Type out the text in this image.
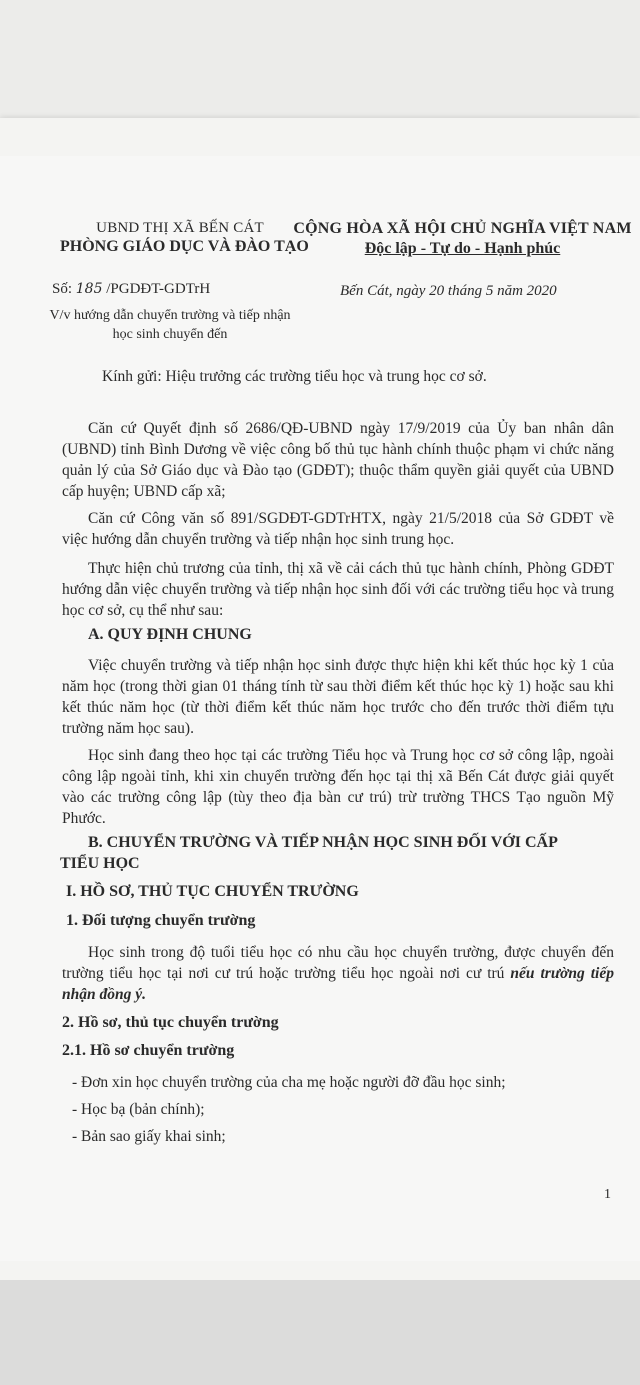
UBND THỊ XÃ BẾN CÁT
PHÒNG GIÁO DỤC VÀ ĐÀO TẠO
CỘNG HÒA XÃ HỘI CHỦ NGHĨA VIỆT NAM
Độc lập - Tự do - Hạnh phúc
Số: 185 /PGDĐT-GDTrH	Bến Cát, ngày 20 tháng 5 năm 2020
V/v hướng dẫn chuyển trường và tiếp nhận học sinh chuyển đến
Kính gửi: Hiệu trưởng các trường tiểu học và trung học cơ sở.
Căn cứ Quyết định số 2686/QĐ-UBND ngày 17/9/2019 của Ủy ban nhân dân (UBND) tỉnh Bình Dương về việc công bố thủ tục hành chính thuộc phạm vi chức năng quản lý của Sở Giáo dục và Đào tạo (GDĐT); thuộc thẩm quyền giải quyết của UBND cấp huyện; UBND cấp xã;
Căn cứ Công văn số 891/SGDĐT-GDTrHTX, ngày 21/5/2018 của Sở GDĐT về việc hướng dẫn chuyển trường và tiếp nhận học sinh trung học.
Thực hiện chủ trương của tỉnh, thị xã về cải cách thủ tục hành chính, Phòng GDĐT hướng dẫn việc chuyển trường và tiếp nhận học sinh đối với các trường tiểu học và trung học cơ sở, cụ thể như sau:
A. QUY ĐỊNH CHUNG
Việc chuyển trường và tiếp nhận học sinh được thực hiện khi kết thúc học kỳ 1 của năm học (trong thời gian 01 tháng tính từ sau thời điểm kết thúc học kỳ 1) hoặc sau khi kết thúc năm học (từ thời điểm kết thúc năm học trước cho đến trước thời điểm tựu trường năm học sau).
Học sinh đang theo học tại các trường Tiểu học và Trung học cơ sở công lập, ngoài công lập ngoài tỉnh, khi xin chuyển trường đến học tại thị xã Bến Cát được giải quyết vào các trường công lập (tùy theo địa bàn cư trú) trừ trường THCS Tạo nguồn Mỹ Phước.
B. CHUYỂN TRƯỜNG VÀ TIẾP NHẬN HỌC SINH ĐỐI VỚI CẤP
TIỂU HỌC
I. HỒ SƠ, THỦ TỤC CHUYỂN TRƯỜNG
1. Đối tượng chuyển trường
Học sinh trong độ tuổi tiểu học có nhu cầu học chuyển trường, được chuyển đến trường tiểu học tại nơi cư trú hoặc trường tiểu học ngoài nơi cư trú nếu trường tiếp nhận đồng ý.
2. Hồ sơ, thủ tục chuyển trường
2.1. Hồ sơ chuyển trường
- Đơn xin học chuyển trường của cha mẹ hoặc người đỡ đầu học sinh;
- Học bạ (bản chính);
- Bản sao giấy khai sinh;
1
